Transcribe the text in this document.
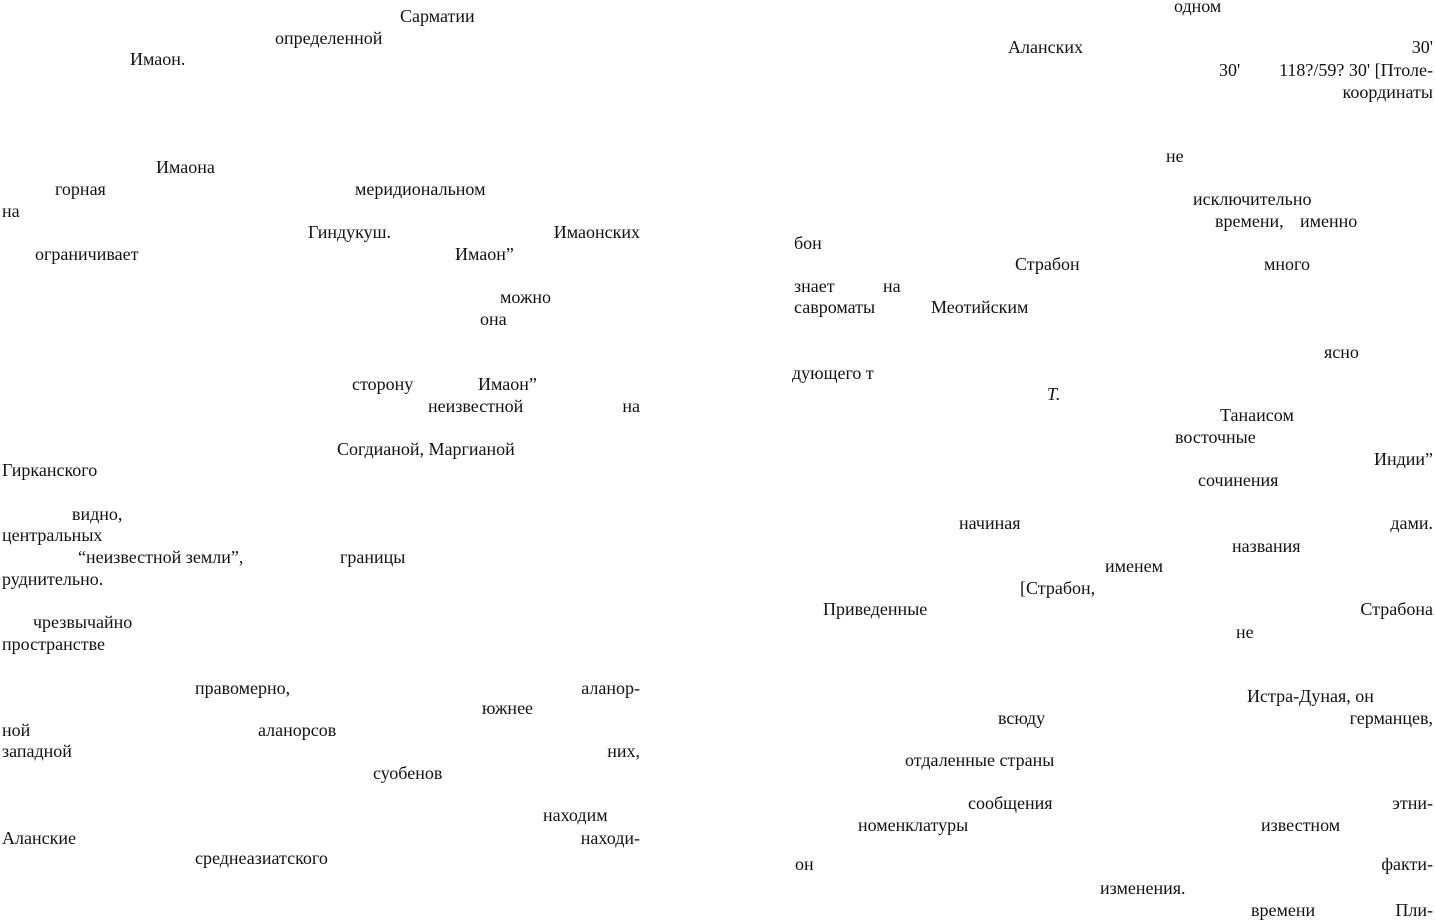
Сарматии
определенной
Имаон.
Имаона
горная	меридиональном
на
Гиндукуш.	Имаонских
ограничивает	Имаон”
можно
она
сторону	Имаон”
неизвестной	на
Согдианой, Маргианой
Гирканского
видно,
центральных
“неизвестной земли”,	границы
руднительно.
чрезвычайно
пространстве
правомерно,	аланор-
южнее
ной	аланорсов
западной	них,
суобенов
находим
Аланские	находи-
среднеазиатского
одном
Аланских	30'
30'	118?/59? 30' [Птоле-
координаты
не
исключительно
времени, именно
бон
Страбон	много
знает	на
савроматы	Меотийским
ясно
дующего т
Т.
Танаисом
восточные
Индии”
сочинения
начиная	дами.
названия
именем
[Страбон,
Приведенные	Страбона
не
Истра-Дуная, он
всюду	германцев,
отдаленные страны
сообщения	этни-
номенклатуры	известном
он	факти-
изменения.
времени	Пли-
